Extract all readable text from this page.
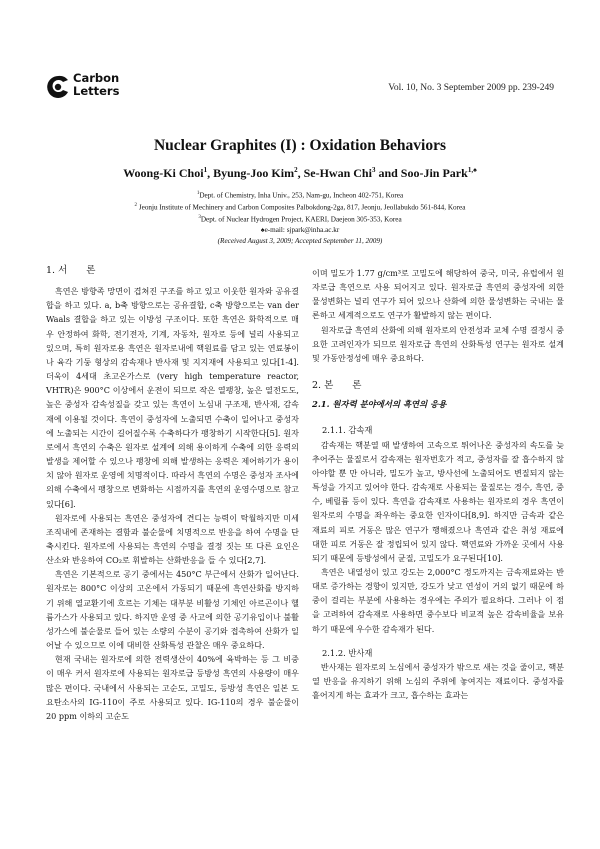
Carbon
Letters	Vol. 10, No. 3 September 2009 pp. 239-249
Nuclear Graphites (I) : Oxidation Behaviors
Woong-Ki Choi$^1$, Byung-Joo Kim$^2$, Se-Hwan Chi$^3$ and Soo-Jin Park$^{1,♠}$
$^1$Dept. of Chemistry, Inha Univ., 253, Nam-gu, Incheon 402-751, Korea
$^2$ Jeonju Institute of Mechinery and Carbon Composites Palbokdong-2ga, 817, Jeonju, Jeollabukdo 561-844, Korea
$^3$Dept. of Nuclear Hydrogen Project, KAERI, Daejeon 305-353, Korea
♠e-mail: sjpark@inha.ac.kr
(Received August 3, 2009; Accepted September 11, 2009)
1. 서　　론

흑연은 방향족 망면이 겹쳐진 구조를 하고 있고 이웃한 원자와 공유결합을 하고 있다. a, b축 방향으로는 공유결합, c축 방향으로는 van der Waals 결합을 하고 있는 이방성 구조이다. 또한 흑연은 화학적으로 매우 안정하여 화학, 전기전자, 기계, 자동차, 원자로 등에 널리 사용되고 있으며, 특히 원자로용 흑연은 원자로내에 핵원료를 담고 있는 연료봉이나 육각 기둥 형상의 감속재나 반사재 및 지지재에 사용되고 있다[1-4]. 더욱이 4세대 초고온가스로 (very high temperature reactor, VHTR)은 900°C 이상에서 운전이 되므로 작은 열팽창, 높은 열전도도, 높은 중성자 감속성질을 갖고 있는 흑연이 노심내 구조재, 반사재, 감속재에 이용될 것이다. 흑연이 중성자에 노출되면 수축이 일어나고 중성자에 노출되는 시간이 길어질수록 수축하다가 팽창하기 시작한다[5]. 원자로에서 흑연의 수축은 원자로 설계에 의해 용이하게 수축에 의한 응력의 발생을 제어할 수 있으나 팽창에 의해 발생하는 응력은 제어하기가 용이치 않아 원자로 운영에 치명적이다. 따라서 흑연의 수명은 중성자 조사에 의해 수축에서 팽창으로 변화하는 시점까지를 흑연의 운영수명으로 참고 있다[6].

원자로에 사용되는 흑연은 중성자에 견디는 능력이 탁월하지만 미세조직내에 존재하는 결함과 불순물에 치명적으로 반응을 하여 수명을 단축시킨다. 원자로에 사용되는 흑연의 수명을 결정 짓는 또 다른 요인은 산소와 반응하여 CO₂로 휘발하는 산화반응을 들 수 있다[2,7].

흑연은 기본적으로 공기 중에서는 450°C 부근에서 산화가 일어난다. 원자로는 800°C 이상의 고온에서 가동되기 때문에 흑연산화를 방지하기 위해 열교환기에 흐르는 기체는 대부분 비활성 기체인 아르곤이나 헬륨가스가 사용되고 있다. 하지만 운영 중 사고에 의한 공기유입이나 불활성가스에 불순물로 들어 있는 소량의 수분이 공기와 접촉하여 산화가 일어날 수 있으므로 이에 대비한 산화특성 관찰은 매우 중요하다.

현재 국내는 원자로에 의한 전력생산이 40%에 육박하는 등 그 비중이 매우 커서 원자로에 사용되는 원자로급 등방성 흑연의 사용량이 매우 많은 편이다. 국내에서 사용되는 고순도, 고밀도, 등방성 흑연은 일본 도요탄소사의 IG-110이 주로 사용되고 있다. IG-110의 경우 불순물이 20 ppm 이하의 고순도

이며 밀도가 1.77 g/cm³로 고밀도에 해당하여 중국, 미국, 유럽에서 원자로급 흑연으로 사용 되어지고 있다. 원자로급 흑연의 중성자에 의한 물성변화는 널리 연구가 되어 있으나 산화에 의한 물성변화는 국내는 물론하고 세계적으로도 연구가 활발하지 않는 편이다.

원자로급 흑연의 산화에 의해 원자로의 안전성과 교체 수명 결정시 중요한 고려인자가 되므로 원자로급 흑연의 산화특성 연구는 원자로 설계 및 가동안정성에 매우 중요하다.

2. 본　　론
2.1. 원자력 분야에서의 흑연의 응용
2.1.1. 감속재

감속재는 핵분열 때 발생하여 고속으로 튀어나온 중성자의 속도를 늦추어주는 물질로서 감속재는 원자번호가 적고, 중성자를 잘 흡수하지 않아야할 뿐 만 아니라, 밀도가 높고, 방사선에 노출되어도 변질되지 않는 특성을 가지고 있어야 한다. 감속재로 사용되는 물질로는 경수, 흑연, 중수, 베릴륨 등이 있다. 흑연을 감속재로 사용하는 원자로의 경우 흑연이 원자로의 수명을 좌우하는 중요한 인자이다[8,9]. 하지만 금속과 같은 재료의 피로 거동은 많은 연구가 행해졌으나 흑연과 같은 취성 재료에 대한 피로 거동은 잘 정립되어 있지 않다. 핵연료와 가까운 곳에서 사용되기 때문에 등방성에서 균질, 고밀도가 요구된다[10].

흑연은 내열성이 있고 강도는 2,000°C 정도까지는 금속재료와는 반대로 증가하는 경향이 있지만, 강도가 낮고 연성이 거의 없기 때문에 하중이 걸리는 부분에 사용하는 경우에는 주의가 필요하다. 그러나 이 점을 고려하여 감속재로 사용하면 중수보다 비교적 높은 감속비율을 보유하기 때문에 우수한 감속재가 된다.

2.1.2. 반사재

반사재는 원자로의 노심에서 중성자가 밖으로 새는 것을 줄이고, 핵분열 반응을 유지하기 위해 노심의 주위에 놓여지는 재료이다. 중성자를 흩어지게 하는 효과가 크고, 흡수하는 효과는
